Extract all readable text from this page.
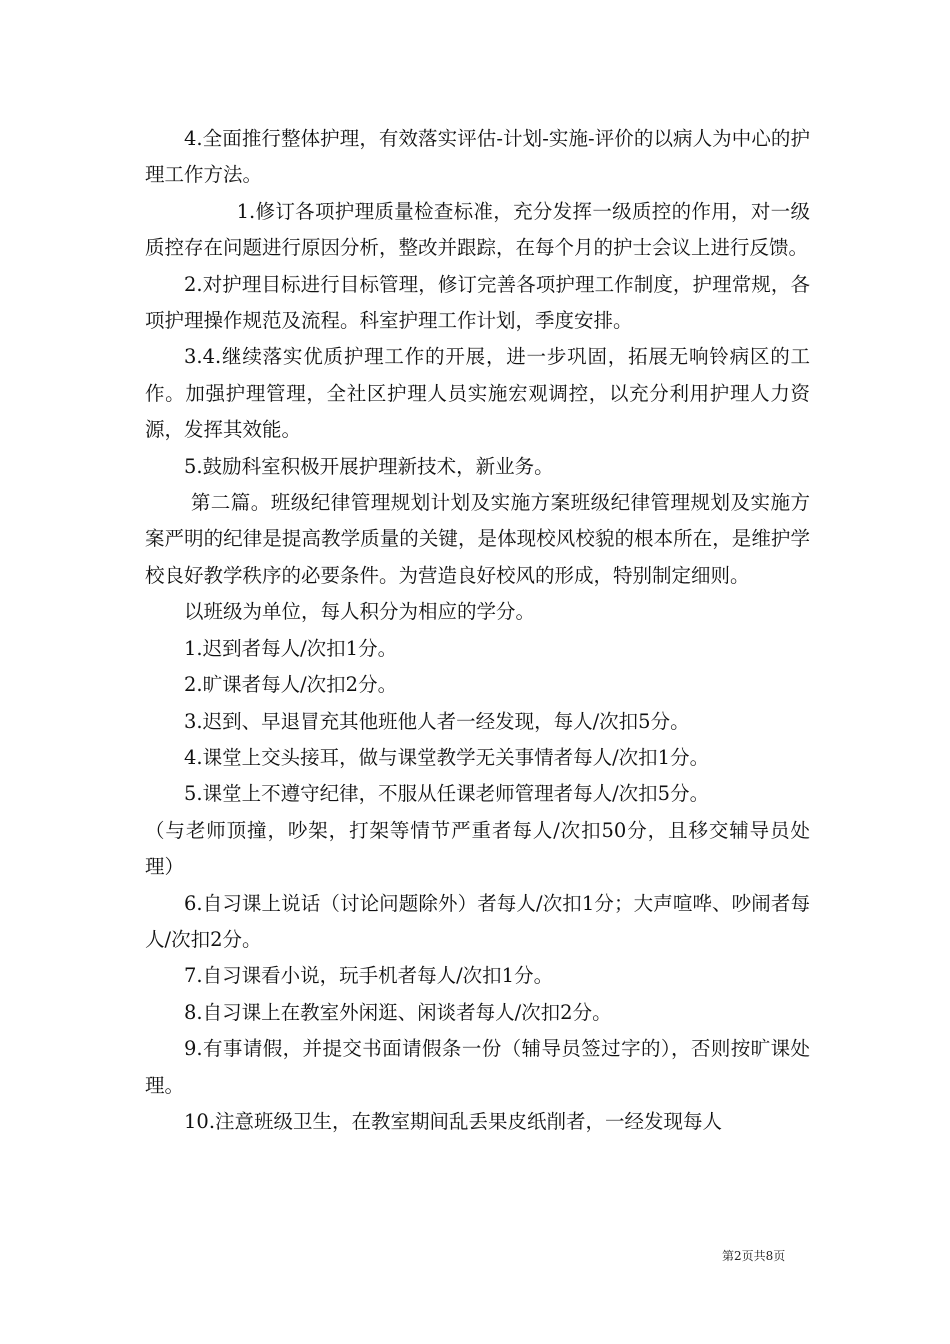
4.全面推行整体护理，有效落实评估-计划-实施-评价的以病人为中心的护理工作方法。

1.修订各项护理质量检查标准，充分发挥一级质控的作用，对一级质控存在问题进行原因分析，整改并跟踪，在每个月的护士会议上进行反馈。

2.对护理目标进行目标管理，修订完善各项护理工作制度，护理常规，各项护理操作规范及流程。科室护理工作计划，季度安排。

3.4.继续落实优质护理工作的开展，进一步巩固，拓展无响铃病区的工作。加强护理管理，全社区护理人员实施宏观调控，以充分利用护理人力资源，发挥其效能。

5.鼓励科室积极开展护理新技术，新业务。

第二篇。班级纪律管理规划计划及实施方案班级纪律管理规划及实施方案严明的纪律是提高教学质量的关键，是体现校风校貌的根本所在，是维护学校良好教学秩序的必要条件。为营造良好校风的形成，特别制定细则。

以班级为单位，每人积分为相应的学分。

1.迟到者每人/次扣1分。

2.旷课者每人/次扣2分。

3.迟到、早退冒充其他班他人者一经发现，每人/次扣5分。

4.课堂上交头接耳，做与课堂教学无关事情者每人/次扣1分。

5.课堂上不遵守纪律，不服从任课老师管理者每人/次扣5分。

（与老师顶撞，吵架，打架等情节严重者每人/次扣50分，且移交辅导员处理）

6.自习课上说话（讨论问题除外）者每人/次扣1分；大声喧哗、吵闹者每人/次扣2分。

7.自习课看小说，玩手机者每人/次扣1分。

8.自习课上在教室外闲逛、闲谈者每人/次扣2分。

9.有事请假，并提交书面请假条一份（辅导员签过字的），否则按旷课处理。

10.注意班级卫生，在教室期间乱丢果皮纸削者，一经发现每人

第2页共8页
